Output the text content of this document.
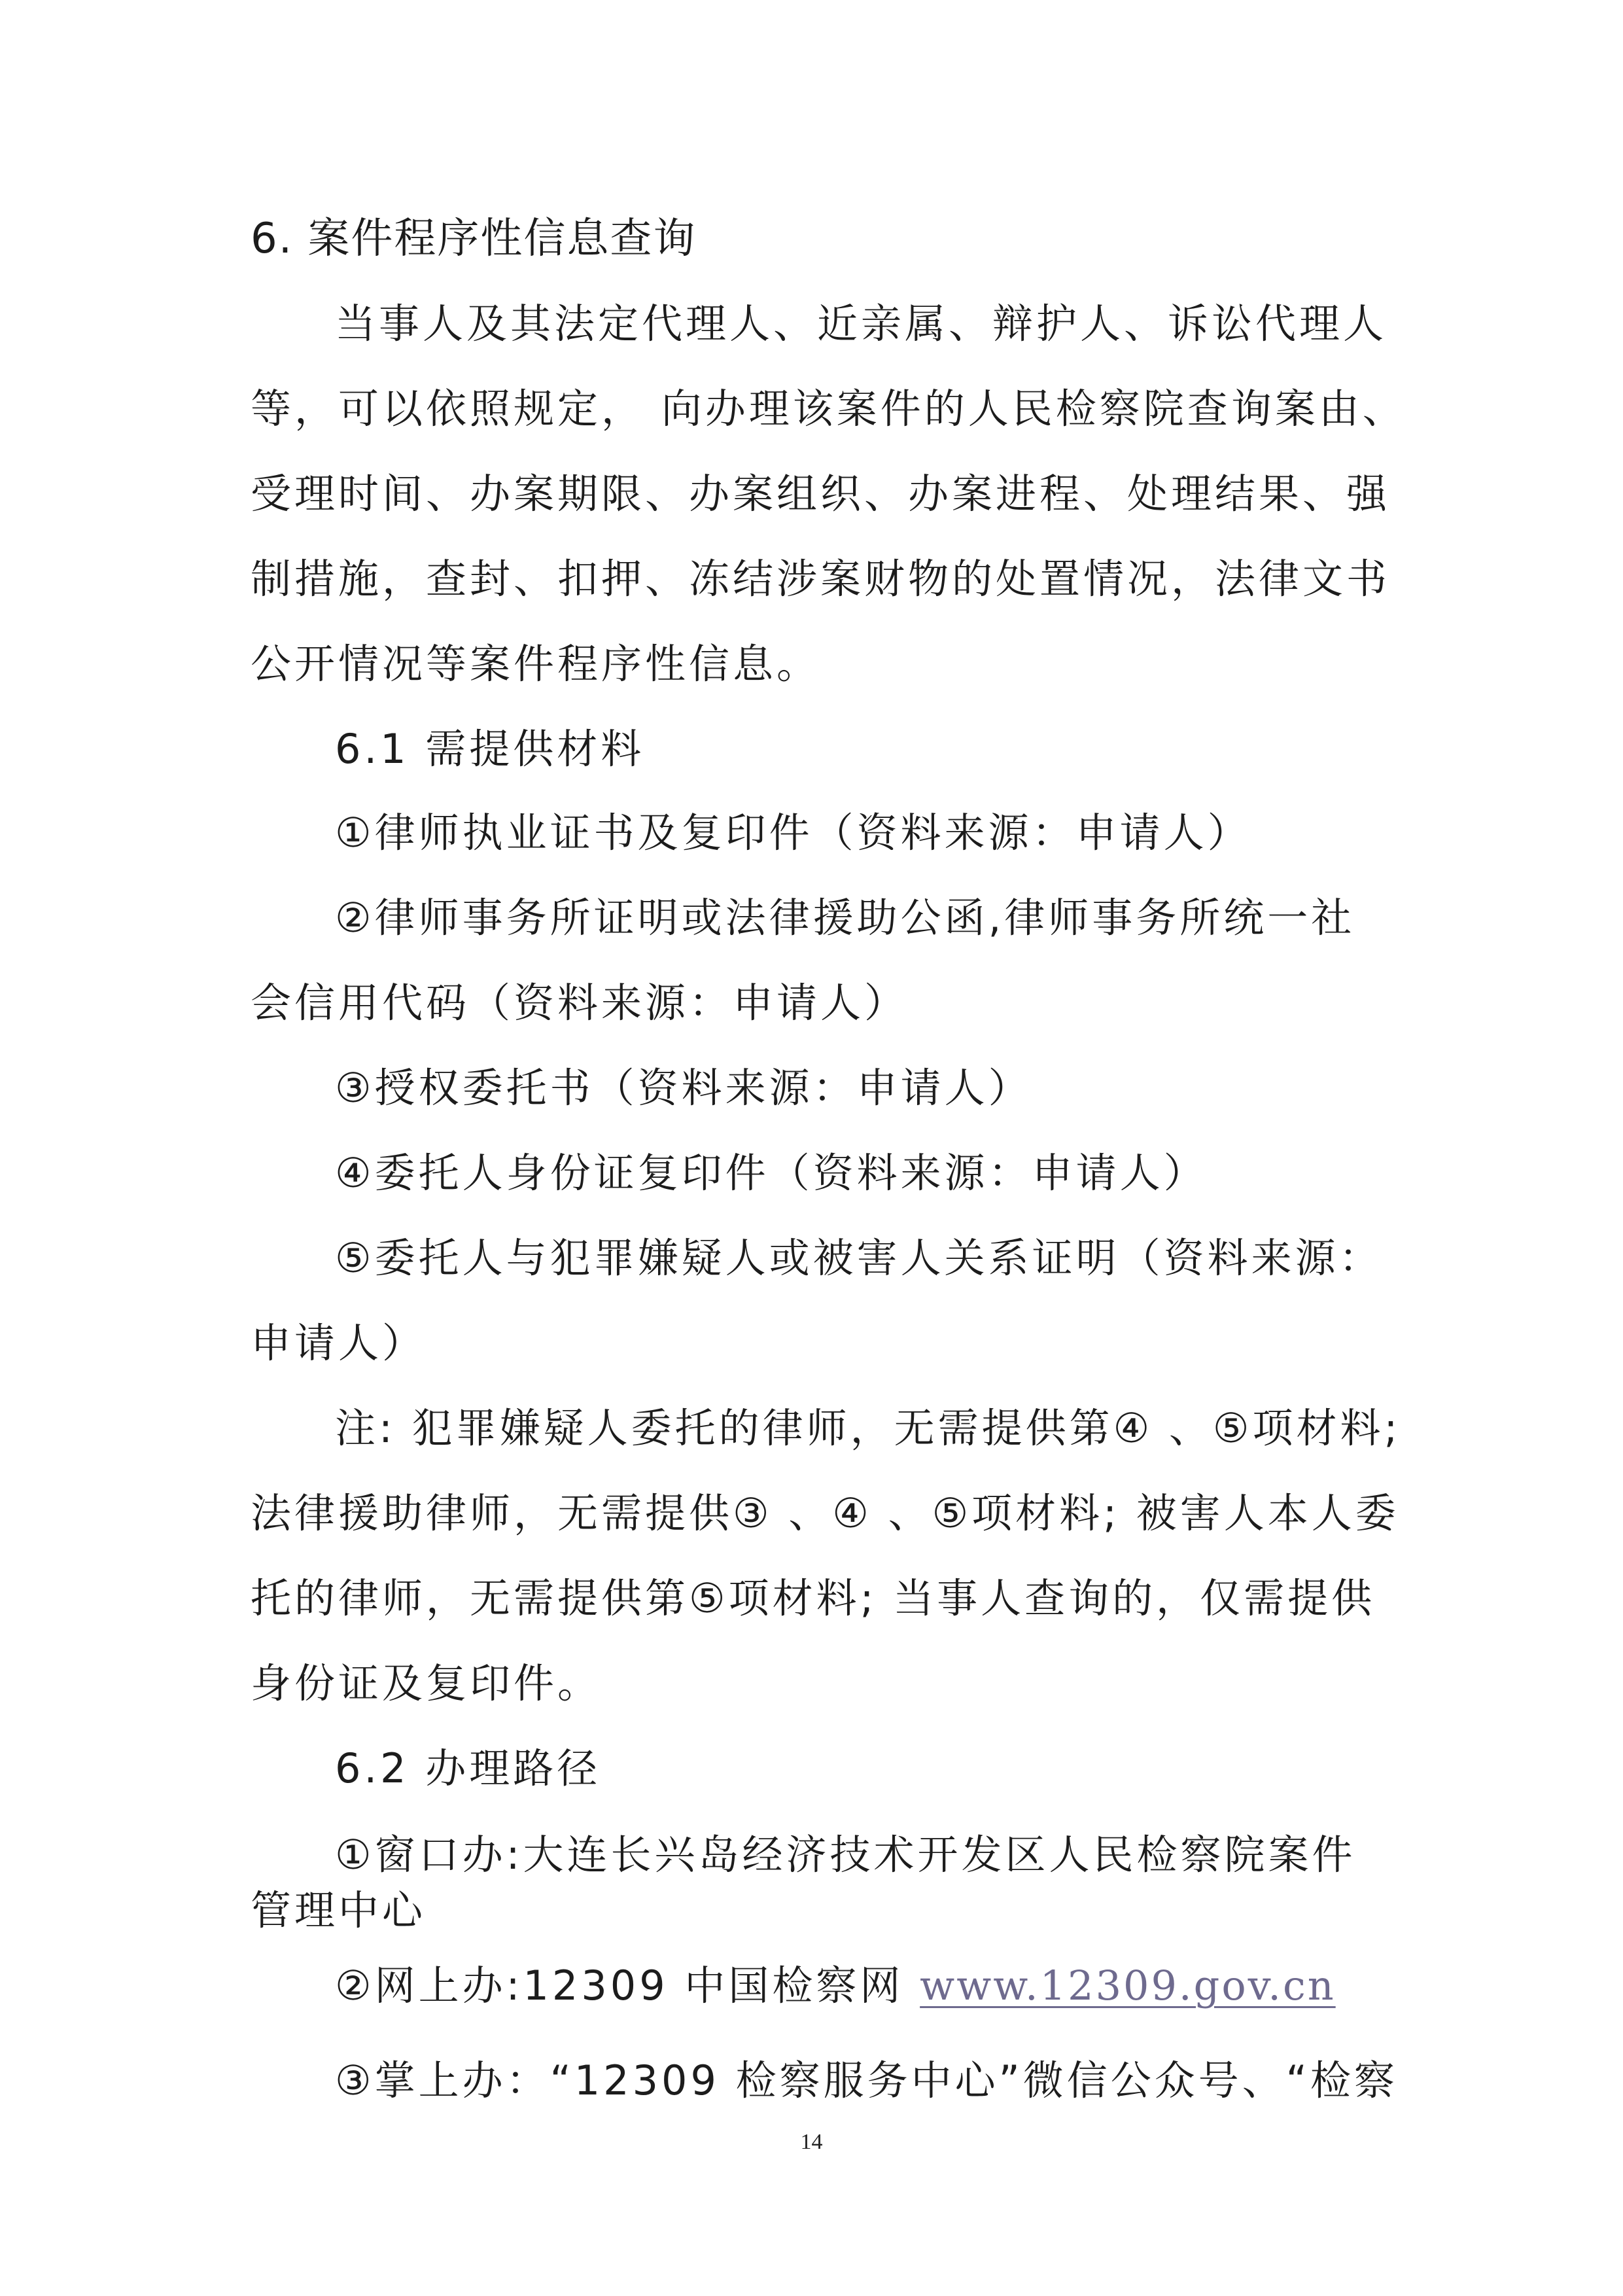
6. 案件程序性信息查询
当事人及其法定代理人、近亲属、辩护人、诉讼代理人
等，可以依照规定， 向办理该案件的人民检察院查询案由、
受理时间、办案期限、办案组织、办案进程、处理结果、强
制措施，查封、扣押、冻结涉案财物的处置情况，法律文书
公开情况等案件程序性信息。
6.1 需提供材料
①律师执业证书及复印件（资料来源：申请人）
②律师事务所证明或法律援助公函,律师事务所统一社
会信用代码（资料来源：申请人）
③授权委托书（资料来源：申请人）
④委托人身份证复印件（资料来源：申请人）
⑤委托人与犯罪嫌疑人或被害人关系证明（资料来源：
申请人）
注: 犯罪嫌疑人委托的律师，无需提供第④ 、⑤项材料;
法律援助律师，无需提供③ 、④ 、⑤项材料; 被害人本人委
托的律师，无需提供第⑤项材料; 当事人查询的，仅需提供
身份证及复印件。
6.2 办理路径
①窗口办:大连长兴岛经济技术开发区人民检察院案件
管理中心
②网上办:12309 中国检察网 www.12309.gov.cn
③掌上办：“12309 检察服务中心”微信公众号、“检察
14
